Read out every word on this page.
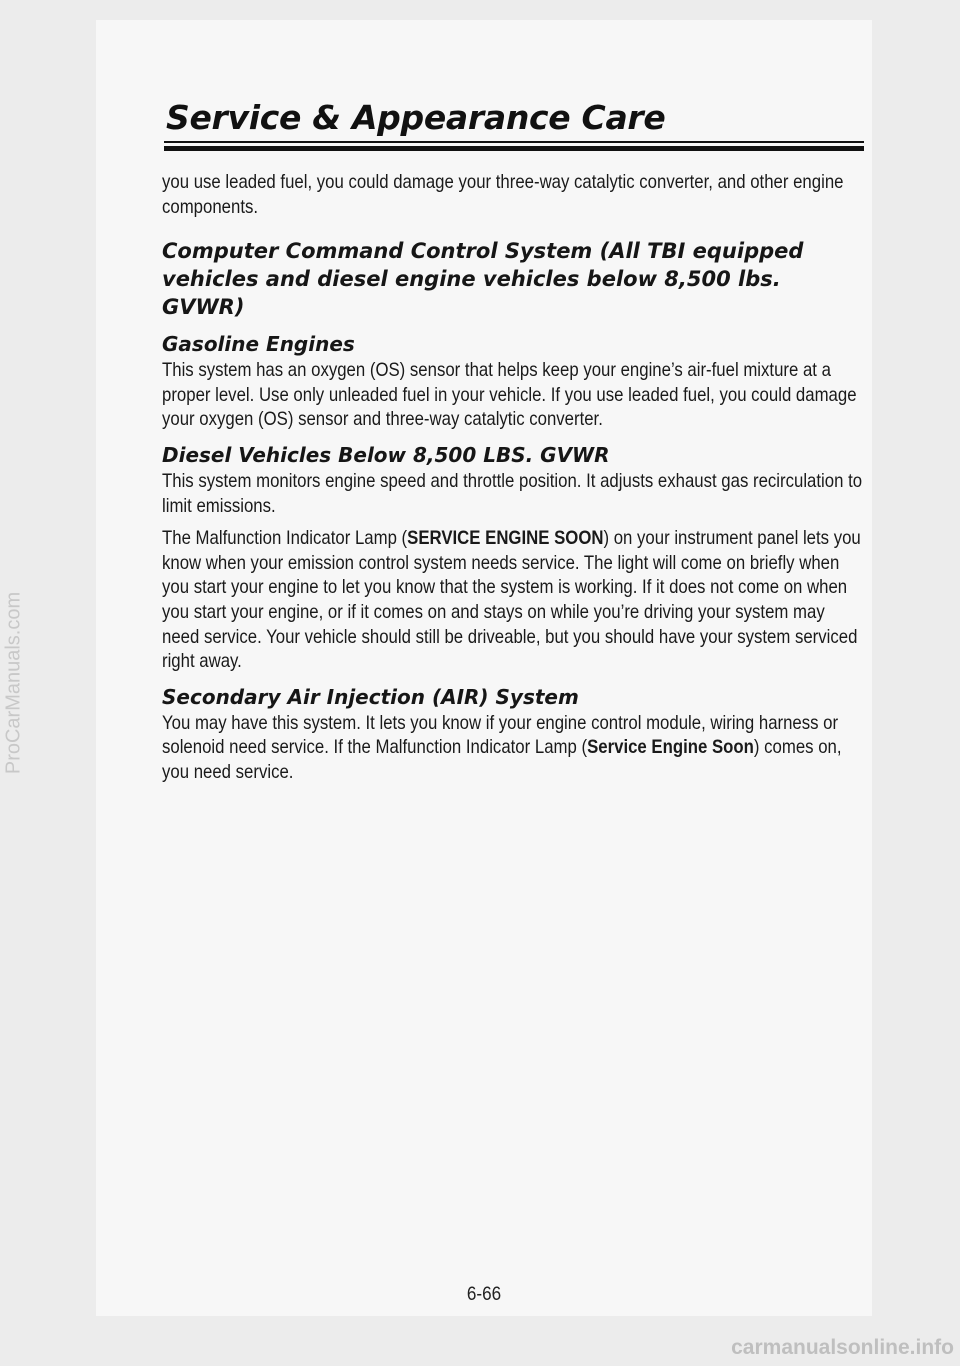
Service & Appearance Care

you use leaded fuel, you could damage your three-way catalytic converter, and other engine components.

Computer Command Control System (All TBI equipped vehicles and diesel engine vehicles below 8,500 lbs. GVWR)
Gasoline Engines

This system has an oxygen (OS) sensor that helps keep your engine’s air-fuel mixture at a proper level. Use only unleaded fuel in your vehicle. If you use leaded fuel, you could damage your oxygen (OS) sensor and three-way catalytic converter.

Diesel Vehicles Below 8,500 LBS. GVWR

This system monitors engine speed and throttle position. It adjusts exhaust gas recirculation to limit emissions.

The Malfunction Indicator Lamp (SERVICE ENGINE SOON) on your instrument panel lets you know when your emission control system needs service. The light will come on briefly when you start your engine to let you know that the system is working. If it does not come on when you start your engine, or if it comes on and stays on while you’re driving your system may need service. Your vehicle should still be driveable, but you should have your system serviced right away.

Secondary Air Injection (AIR) System

You may have this system. It lets you know if your engine control module, wiring harness or solenoid need service. If the Malfunction Indicator Lamp (Service Engine Soon) comes on, you need service.

6-66
ProCarManuals.com
carmanualsonline.info
